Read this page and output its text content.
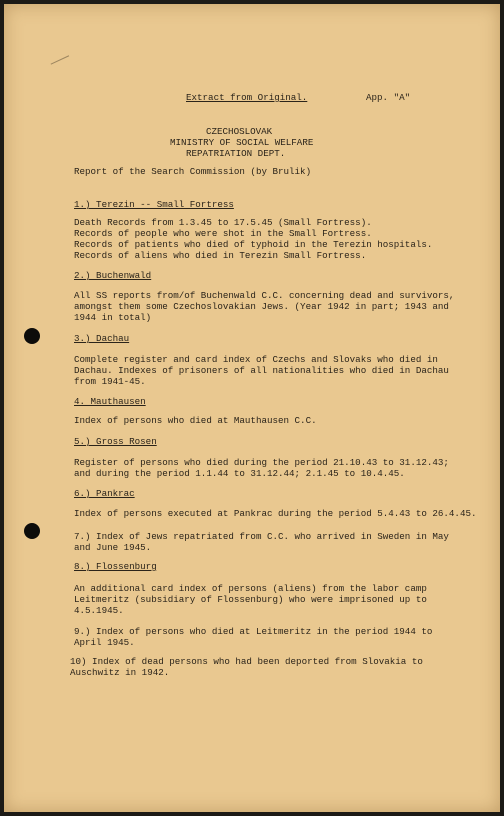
Extract from Original.	App. "A"
CZECHOSLOVAK
MINISTRY OF SOCIAL WELFARE
REPATRIATION DEPT.
Report of the Search Commission (by Brulik)
1.) Terezin -- Small Fortress
Death Records from 1.3.45 to 17.5.45 (Small Fortress).
Records of people who were shot in the Small Fortress.
Records of patients who died of typhoid in the Terezin hospitals.
Records of aliens who died in Terezin Small Fortress.
2.) Buchenwald
All SS reports from/of Buchenwald C.C. concerning dead and survivors,
amongst them some Czechoslovakian Jews. (Year 1942 in part; 1943 and
1944 in total)
3.) Dachau
Complete register and card index of Czechs and Slovaks who died in
Dachau. Indexes of prisoners of all nationalities who died in Dachau
from 1941-45.
4. Mauthausen
Index of persons who died at Mauthausen C.C.
5.) Gross Rosen
Register of persons who died during the period 21.10.43 to 31.12.43;
and during the period 1.1.44 to 31.12.44; 2.1.45 to 10.4.45.
6.) Pankrac
Index of persons executed at Pankrac during the period 5.4.43 to 26.4.45.
7.) Index of Jews repatriated from C.C. who arrived in Sweden in May
and June 1945.
8.) Flossenburg
An additional card index of persons (aliens) from the labor camp
Leitmeritz (subsidiary of Flossenburg) who were imprisoned up to
4.5.1945.
9.) Index of persons who died at Leitmeritz in the period 1944 to
April 1945.
10) Index of dead persons who had been deported from Slovakia to
Auschwitz in 1942.
